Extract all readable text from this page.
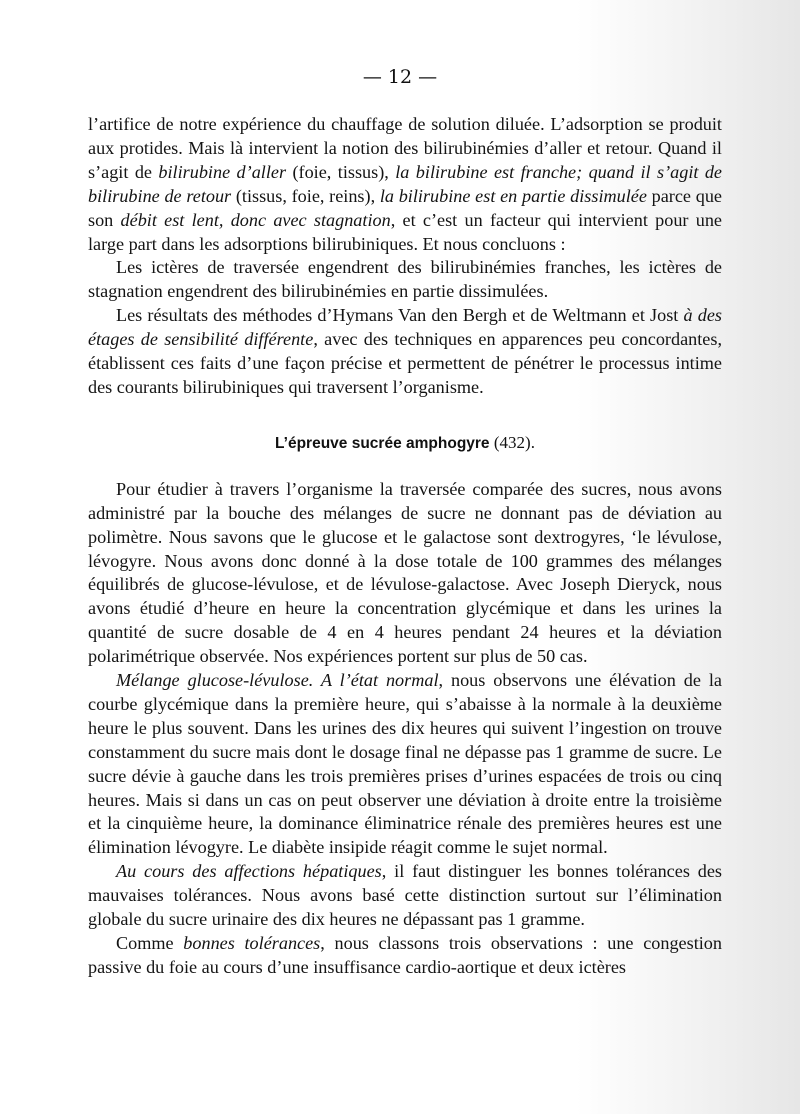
— 12 —

l’artifice de notre expérience du chauffage de solution diluée. L’adsorption se produit aux protides. Mais là intervient la notion des bilirubinémies d’aller et retour. Quand il s’agit de bilirubine d’aller (foie, tissus), la bilirubine est franche; quand il s’agit de bilirubine de retour (tissus, foie, reins), la bilirubine est en partie dissimulée parce que son débit est lent, donc avec stagnation, et c’est un facteur qui intervient pour une large part dans les adsorptions bilirubiniques. Et nous concluons :

Les ictères de traversée engendrent des bilirubinémies franches, les ictères de stagnation engendrent des bilirubinémies en partie dissimulées.

Les résultats des méthodes d’Hymans Van den Bergh et de Weltmann et Jost à des étages de sensibilité différente, avec des techniques en apparences peu concordantes, établissent ces faits d’une façon précise et permettent de pénétrer le processus intime des courants bilirubiniques qui traversent l’organisme.

L’épreuve sucrée amphogyre (432).

Pour étudier à travers l’organisme la traversée comparée des sucres, nous avons administré par la bouche des mélanges de sucre ne donnant pas de déviation au polimètre. Nous savons que le glucose et le galactose sont dextrogyres, ‘le lévulose, lévogyre. Nous avons donc donné à la dose totale de 100 grammes des mélanges équilibrés de glucose-lévulose, et de lévulose-galactose. Avec Joseph Dieryck, nous avons étudié d’heure en heure la concentration glycémique et dans les urines la quantité de sucre dosable de 4 en 4 heures pendant 24 heures et la déviation polarimétrique observée. Nos expériences portent sur plus de 50 cas.

Mélange glucose-lévulose. A l’état normal, nous observons une élévation de la courbe glycémique dans la première heure, qui s’abaisse à la normale à la deuxième heure le plus souvent. Dans les urines des dix heures qui suivent l’ingestion on trouve constamment du sucre mais dont le dosage final ne dépasse pas 1 gramme de sucre. Le sucre dévie à gauche dans les trois premières prises d’urines espacées de trois ou cinq heures. Mais si dans un cas on peut observer une déviation à droite entre la troisième et la cinquième heure, la dominance éliminatrice rénale des premières heures est une élimination lévogyre. Le diabète insipide réagit comme le sujet normal.

Au cours des affections hépatiques, il faut distinguer les bonnes tolérances des mauvaises tolérances. Nous avons basé cette distinction surtout sur l’élimination globale du sucre urinaire des dix heures ne dépassant pas 1 gramme.

Comme bonnes tolérances, nous classons trois observations : une congestion passive du foie au cours d’une insuffisance cardio-aortique et deux ictères
